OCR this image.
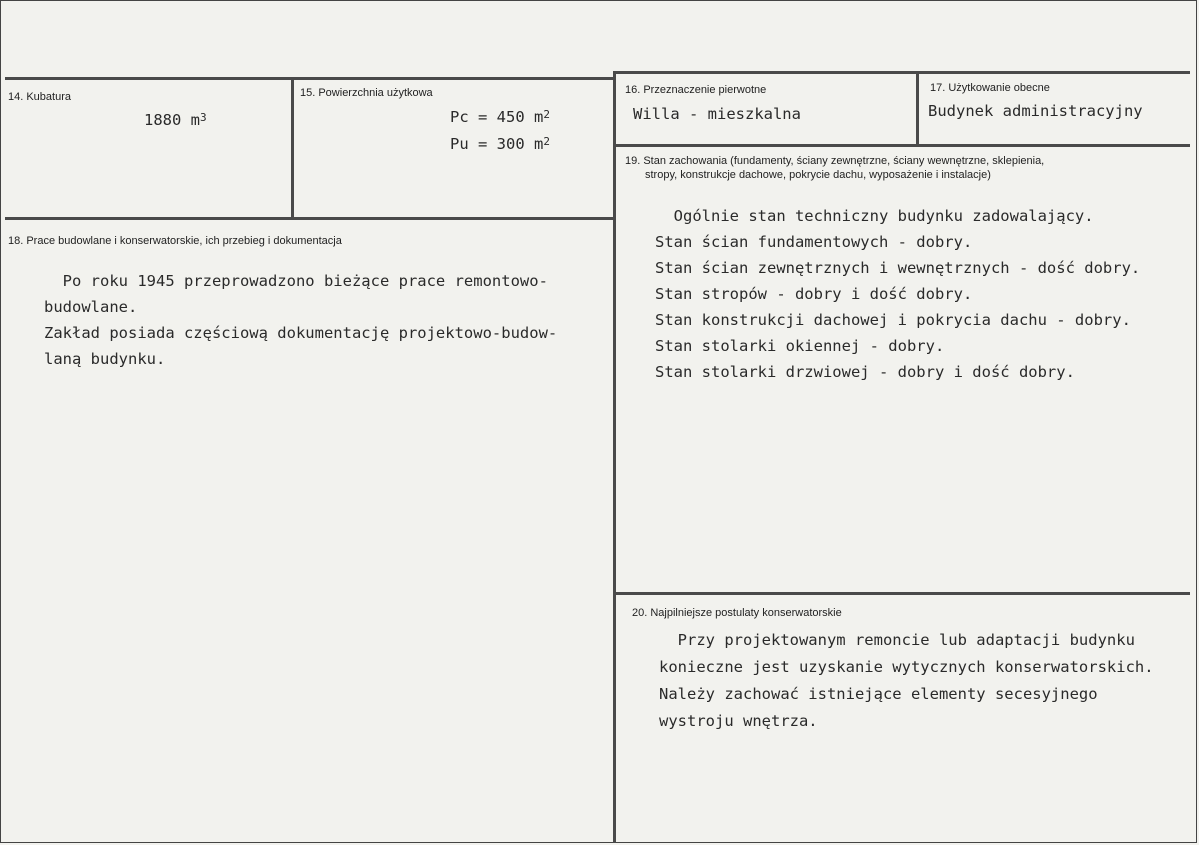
14. Kubatura
1880 $m^3$
15. Powierzchnia użytkowa
Pc = 450 $m^2$
Pu = 300 $m^2$
16. Przeznaczenie pierwotne
Willa - mieszkalna
17. Użytkowanie obecne
Budynek administracyjny
18. Prace budowlane i konserwatorskie, ich przebieg i dokumentacja
Po roku 1945 przeprowadzono bieżące prace remontowo-
budowlane.
Zakład posiada częściową dokumentację projektowo-budow-
laną budynku.
19. Stan zachowania (fundamenty, ściany zewnętrzne, ściany wewnętrzne, sklepienia,
stropy, konstrukcje dachowe, pokrycie dachu, wyposażenie i instalacje)
Ogólnie stan techniczny budynku zadowalający.
Stan ścian fundamentowych - dobry.
Stan ścian zewnętrznych i wewnętrznych - dość dobry.
Stan stropów - dobry i dość dobry.
Stan konstrukcji dachowej i pokrycia dachu - dobry.
Stan stolarki okiennej - dobry.
Stan stolarki drzwiowej - dobry i dość dobry.
20. Najpilniejsze postulaty konserwatorskie
Przy projektowanym remoncie lub adaptacji budynku
konieczne jest uzyskanie wytycznych konserwatorskich.
Należy zachować istniejące elementy secesyjnego
wystroju wnętrza.
